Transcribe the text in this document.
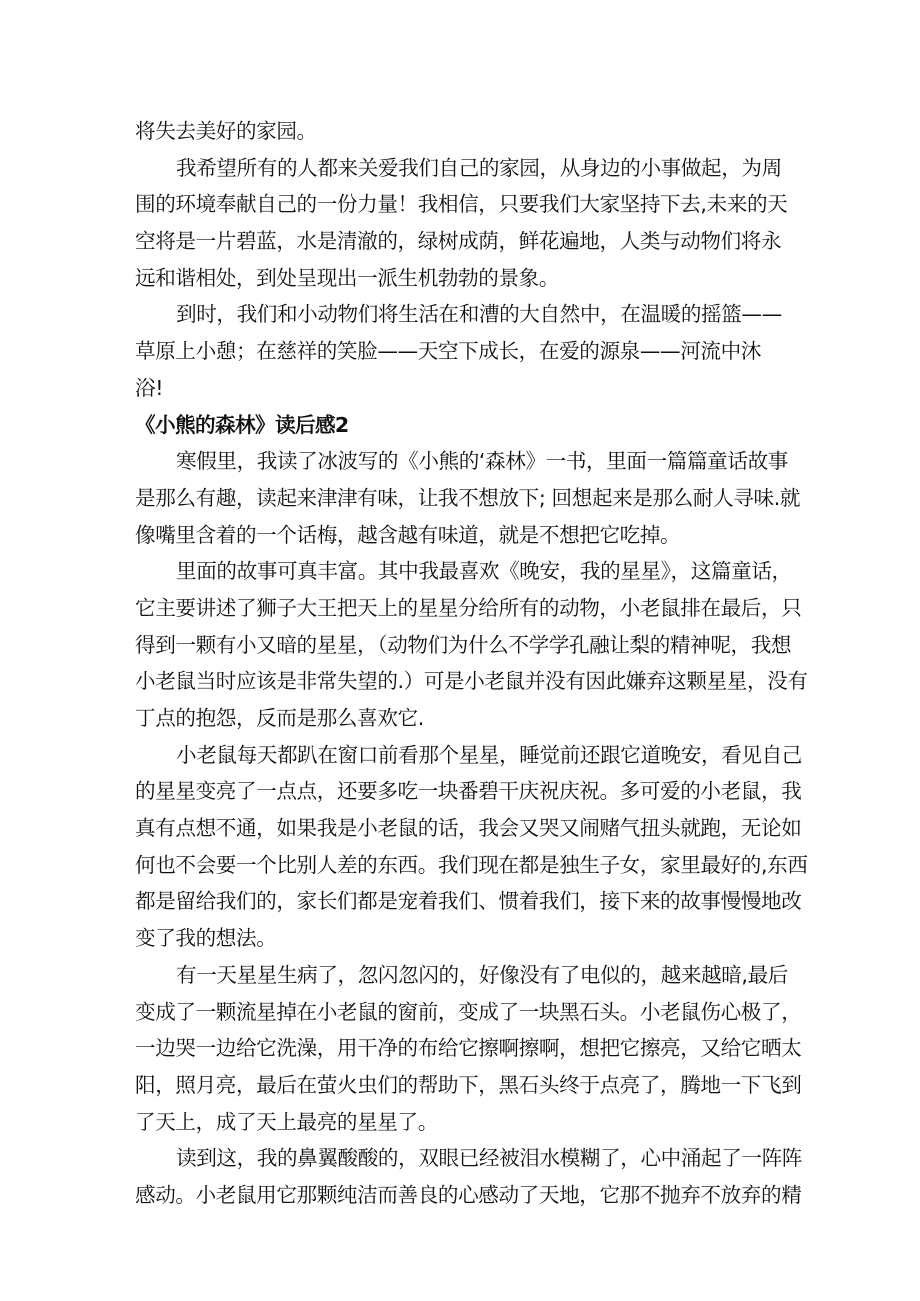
将失去美好的家园。
我希望所有的人都来关爱我们自己的家园，从身边的小事做起，为周
围的环境奉献自己的一份力量！我相信，只要我们大家坚持下去,未来的天
空将是一片碧蓝，水是清澈的，绿树成荫，鲜花遍地，人类与动物们将永
远和谐相处，到处呈现出一派生机勃勃的景象。
到时，我们和小动物们将生活在和漕的大自然中，在温暖的摇篮——
草原上小憩；在慈祥的笑脸——天空下成长，在爱的源泉——河流中沐
浴!
《小熊的森林》读后感2
寒假里，我读了冰波写的《小熊的‘森林》一书，里面一篇篇童话故事
是那么有趣，读起来津津有味，让我不想放下; 回想起来是那么耐人寻味.就
像嘴里含着的一个话梅，越含越有味道，就是不想把它吃掉。
里面的故事可真丰富。其中我最喜欢《晚安，我的星星》，这篇童话，
它主要讲述了狮子大王把天上的星星分给所有的动物，小老鼠排在最后，只
得到一颗有小又暗的星星，（动物们为什么不学学孔融让梨的精神呢，我想
小老鼠当时应该是非常失望的.）可是小老鼠并没有因此嫌弃这颗星星，没有
丁点的抱怨，反而是那么喜欢它.
小老鼠每天都趴在窗口前看那个星星，睡觉前还跟它道晚安，看见自己
的星星变亮了一点点，还要多吃一块番碧干庆祝庆祝。多可爱的小老鼠，我
真有点想不通，如果我是小老鼠的话，我会又哭又闹赌气扭头就跑，无论如
何也不会要一个比别人差的东西。我们现在都是独生子女，家里最好的,东西
都是留给我们的，家长们都是宠着我们、惯着我们，接下来的故事慢慢地改
变了我的想法。
有一天星星生病了，忽闪忽闪的，好像没有了电似的，越来越暗,最后
变成了一颗流星掉在小老鼠的窗前，变成了一块黑石头。小老鼠伤心极了，
一边哭一边给它洗澡，用干净的布给它擦啊擦啊，想把它擦亮，又给它晒太
阳，照月亮，最后在萤火虫们的帮助下，黑石头终于点亮了，腾地一下飞到
了天上，成了天上最亮的星星了。
读到这，我的鼻翼酸酸的，双眼已经被泪水模糊了，心中涌起了一阵阵
感动。小老鼠用它那颗纯洁而善良的心感动了天地，它那不抛弃不放弃的精
